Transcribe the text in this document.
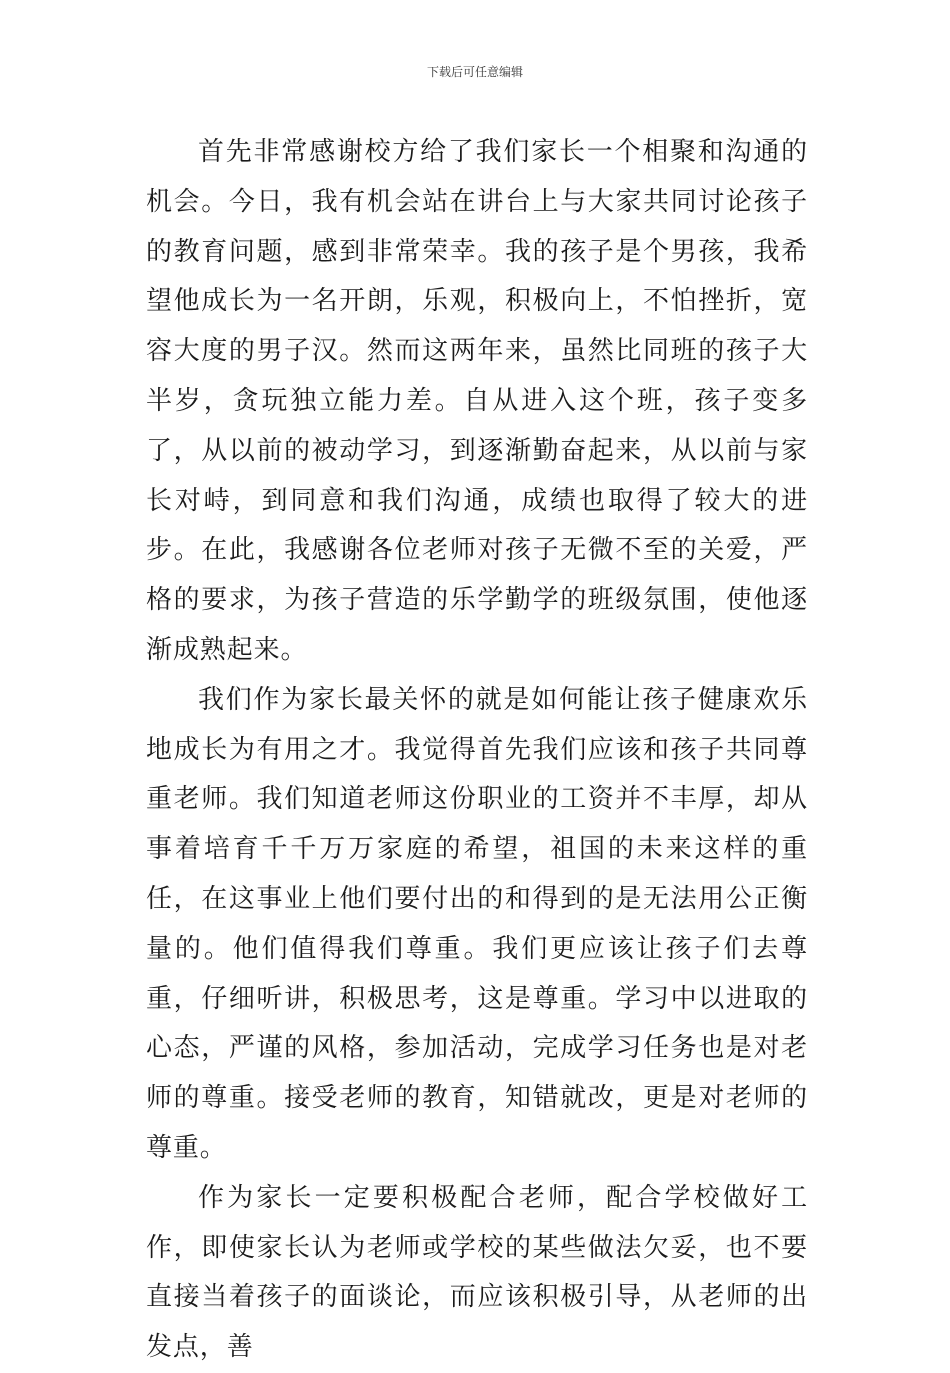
下载后可任意编辑

首先非常感谢校方给了我们家长一个相聚和沟通的机会。今日，我有机会站在讲台上与大家共同讨论孩子的教育问题，感到非常荣幸。我的孩子是个男孩，我希望他成长为一名开朗，乐观，积极向上，不怕挫折，宽容大度的男子汉。然而这两年来，虽然比同班的孩子大半岁，贪玩独立能力差。自从进入这个班，孩子变多了，从以前的被动学习，到逐渐勤奋起来，从以前与家长对峙，到同意和我们沟通，成绩也取得了较大的进步。在此，我感谢各位老师对孩子无微不至的关爱，严格的要求，为孩子营造的乐学勤学的班级氛围，使他逐渐成熟起来。

我们作为家长最关怀的就是如何能让孩子健康欢乐地成长为有用之才。我觉得首先我们应该和孩子共同尊重老师。我们知道老师这份职业的工资并不丰厚，却从事着培育千千万万家庭的希望，祖国的未来这样的重任，在这事业上他们要付出的和得到的是无法用公正衡量的。他们值得我们尊重。我们更应该让孩子们去尊重，仔细听讲，积极思考，这是尊重。学习中以进取的心态，严谨的风格，参加活动，完成学习任务也是对老师的尊重。接受老师的教育，知错就改，更是对老师的尊重。

作为家长一定要积极配合老师，配合学校做好工作，即使家长认为老师或学校的某些做法欠妥，也不要直接当着孩子的面谈论，而应该积极引导，从老师的出发点，善
